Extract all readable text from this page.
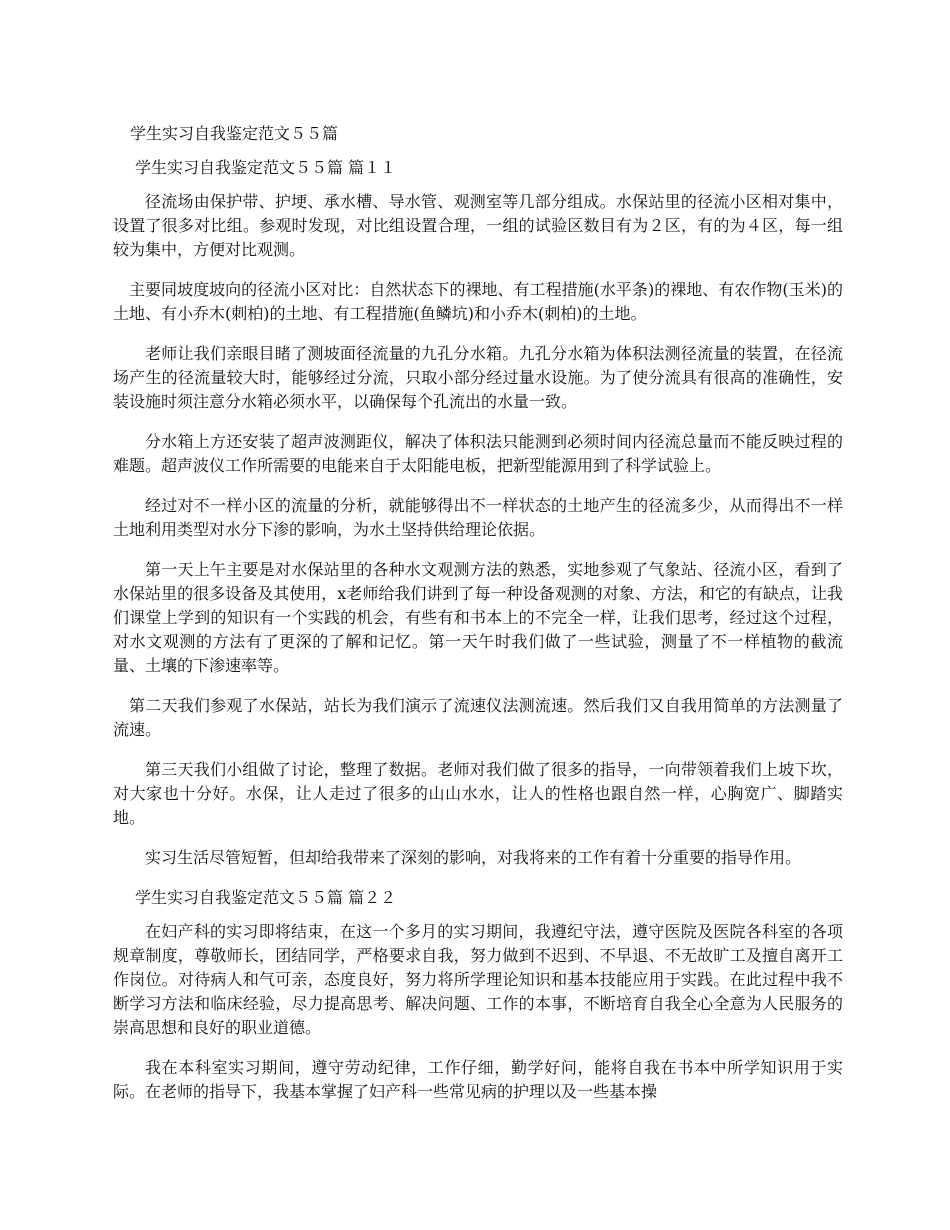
学生实习自我鉴定范文５５篇
学生实习自我鉴定范文５５篇 篇１１

径流场由保护带、护埂、承水槽、导水管、观测室等几部分组成。水保站里的径流小区相对集中，设置了很多对比组。参观时发现，对比组设置合理，一组的试验区数目有为２区，有的为４区，每一组较为集中，方便对比观测。

主要同坡度坡向的径流小区对比：自然状态下的裸地、有工程措施(水平条)的裸地、有农作物(玉米)的土地、有小乔木(刺柏)的土地、有工程措施(鱼鳞坑)和小乔木(刺柏)的土地。

老师让我们亲眼目睹了测坡面径流量的九孔分水箱。九孔分水箱为体积法测径流量的装置，在径流场产生的径流量较大时，能够经过分流，只取小部分经过量水设施。为了使分流具有很高的准确性，安装设施时须注意分水箱必须水平，以确保每个孔流出的水量一致。

分水箱上方还安装了超声波测距仪，解决了体积法只能测到必须时间内径流总量而不能反映过程的难题。超声波仪工作所需要的电能来自于太阳能电板，把新型能源用到了科学试验上。

经过对不一样小区的流量的分析，就能够得出不一样状态的土地产生的径流多少，从而得出不一样土地利用类型对水分下渗的影响，为水土坚持供给理论依据。

第一天上午主要是对水保站里的各种水文观测方法的熟悉，实地参观了气象站、径流小区，看到了水保站里的很多设备及其使用，x老师给我们讲到了每一种设备观测的对象、方法，和它的有缺点，让我们课堂上学到的知识有一个实践的机会，有些有和书本上的不完全一样，让我们思考，经过这个过程，对水文观测的方法有了更深的了解和记忆。第一天午时我们做了一些试验，测量了不一样植物的截流量、土壤的下渗速率等。

第二天我们参观了水保站，站长为我们演示了流速仪法测流速。然后我们又自我用简单的方法测量了流速。

第三天我们小组做了讨论，整理了数据。老师对我们做了很多的指导，一向带领着我们上坡下坎，对大家也十分好。水保，让人走过了很多的山山水水，让人的性格也跟自然一样，心胸宽广、脚踏实地。

实习生活尽管短暂，但却给我带来了深刻的影响，对我将来的工作有着十分重要的指导作用。

学生实习自我鉴定范文５５篇 篇２２

在妇产科的实习即将结束，在这一个多月的实习期间，我遵纪守法，遵守医院及医院各科室的各项规章制度，尊敬师长，团结同学，严格要求自我，努力做到不迟到、不早退、不无故旷工及擅自离开工作岗位。对待病人和气可亲，态度良好，努力将所学理论知识和基本技能应用于实践。在此过程中我不断学习方法和临床经验，尽力提高思考、解决问题、工作的本事，不断培育自我全心全意为人民服务的崇高思想和良好的职业道德。

我在本科室实习期间，遵守劳动纪律，工作仔细，勤学好问，能将自我在书本中所学知识用于实际。在老师的指导下，我基本掌握了妇产科一些常见病的护理以及一些基本操
